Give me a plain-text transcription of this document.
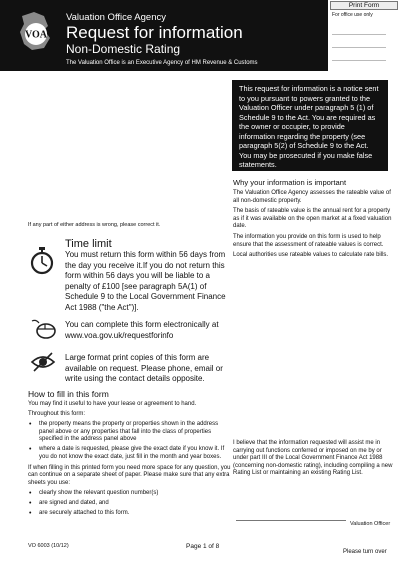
VOA
Valuation Office Agency
Request for information
Non-Domestic Rating
The Valuation Office is an Executive Agency of HM Revenue & Customs
Print Form
For office use only
This request for information is a notice sent to you pursuant to powers granted to the Valuation Officer under paragraph 5 (1) of Schedule 9 to the Act. You are required as the owner or occupier, to provide information regarding the property (see paragraph 5(2) of Schedule 9 to the Act. You may be prosecuted if you make false statements.
If any part of either address is wrong, please correct it.
Time limit
You must return this form within 56 days from the day you receive it.If you do not return this form within 56 days you will be liable to a penalty of £100 [see paragraph 5A(1) of Schedule 9 to the Local Government Finance Act 1988 ("the Act")].
You can complete this form electronically at www.voa.gov.uk/requestforinfo
Large format print copies of this form are available on request. Please phone, email or write using the contact details opposite.
How to fill in this form

You may find it useful to have your lease or agreement to hand.

Throughout this form:

• the property means the property or properties shown in the address panel above or any properties that fall into the class of properties specified in the address panel above
• where a date is requested, please give the exact date if you know it. If you do not know the exact date, just fill in the month and year boxes.

If when filling in this printed form you need more space for any question, you can continue on a separate sheet of paper. Please make sure that any extra sheets you use:

• clearly show the relevant question number(s)
• are signed and dated, and
• are securely attached to this form.
Why your information is important

The Valuation Office Agency assesses the rateable value of all non-domestic property.

The basis of rateable value is the annual rent for a property as if it was available on the open market at a fixed valuation date.

The information you provide on this form is used to help ensure that the assessment of rateable values is correct.

Local authorities use rateable values to calculate rate bills.

I believe that the information requested will assist me in carrying out functions conferred or imposed on me by or under part III of the Local Government Finance Act 1988 (concerning non-domestic rating), including compiling a new Rating List or maintaining an existing Rating List.
Valuation Officer
VO 6003 (10/12)	Page 1 of 8
Please turn over
